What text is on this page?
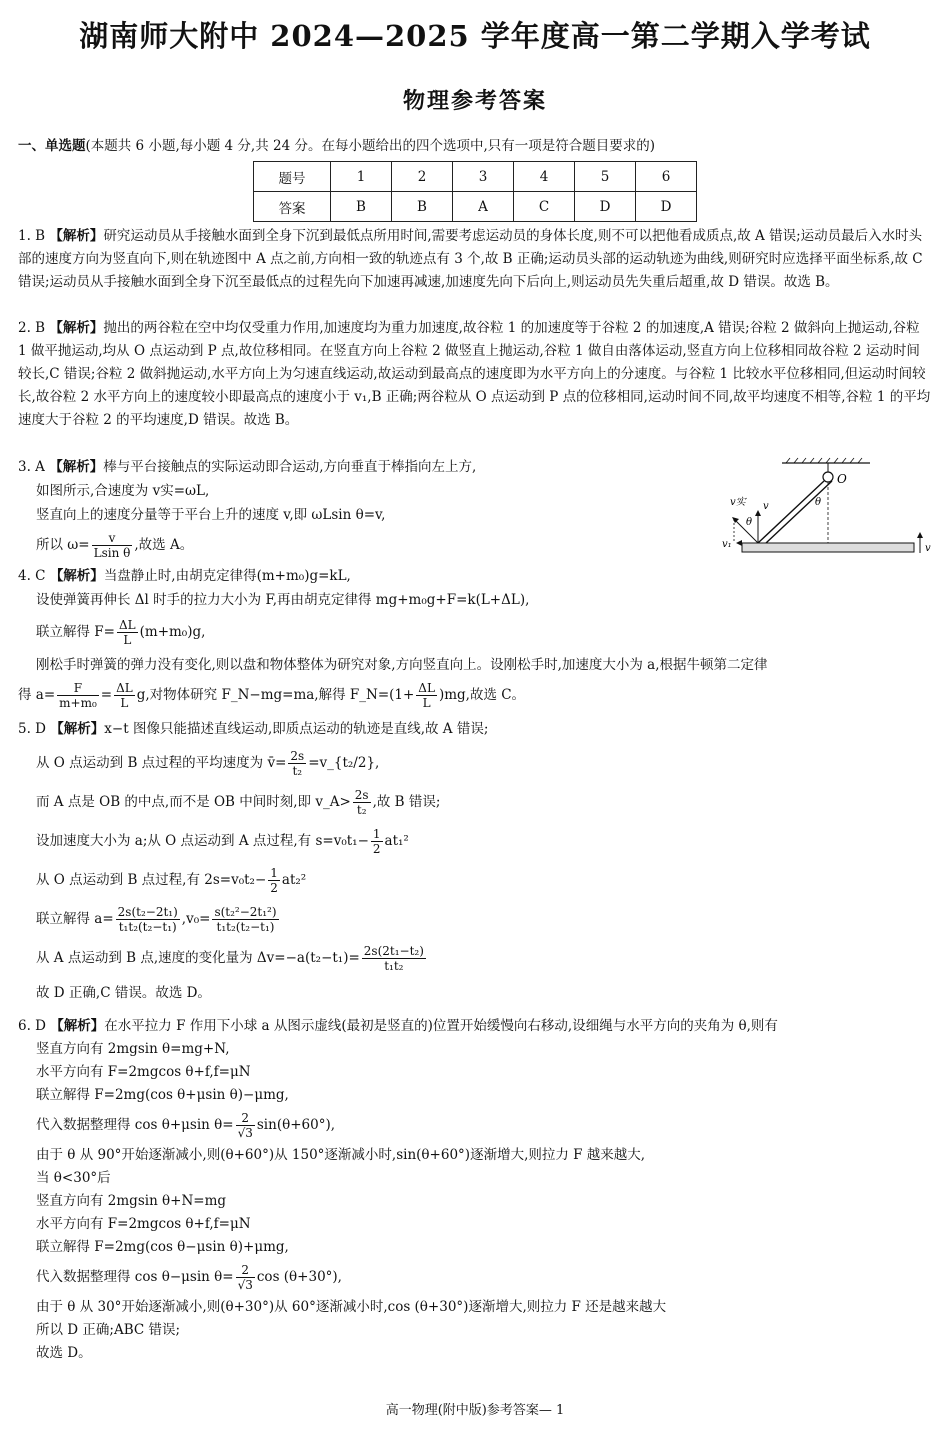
湖南师大附中 2024—2025 学年度高一第二学期入学考试
物理参考答案
一、单选题(本题共 6 小题,每小题 4 分,共 24 分。在每小题给出的四个选项中,只有一项是符合题目要求的)
题号	1	2	3	4	5	6
答案	B	B	A	C	D	D

1. B 【解析】研究运动员从手接触水面到全身下沉到最低点所用时间,需要考虑运动员的身体长度,则不可以把他看成质点,故 A 错误;运动员最后入水时头部的速度方向为竖直向下,则在轨迹图中 A 点之前,方向相一致的轨迹点有 3 个,故 B 正确;运动员头部的运动轨迹为曲线,则研究时应选择平面坐标系,故 C 错误;运动员从手接触水面到全身下沉至最低点的过程先向下加速再减速,加速度先向下后向上,则运动员先失重后超重,故 D 错误。故选 B。

2. B 【解析】抛出的两谷粒在空中均仅受重力作用,加速度均为重力加速度,故谷粒 1 的加速度等于谷粒 2 的加速度,A 错误;谷粒 2 做斜向上抛运动,谷粒 1 做平抛运动,均从 O 点运动到 P 点,故位移相同。在竖直方向上谷粒 2 做竖直上抛运动,谷粒 1 做自由落体运动,竖直方向上位移相同故谷粒 2 运动时间较长,C 错误;谷粒 2 做斜抛运动,水平方向上为匀速直线运动,故运动到最高点的速度即为水平方向上的分速度。与谷粒 1 比较水平位移相同,但运动时间较长,故谷粒 2 水平方向上的速度较小即最高点的速度小于 v₁,B 正确;两谷粒从 O 点运动到 P 点的位移相同,运动时间不同,故平均速度不相等,谷粒 1 的平均速度大于谷粒 2 的平均速度,D 错误。故选 B。

3. A 【解析】棒与平台接触点的实际运动即合运动,方向垂直于棒指向左上方,

如图所示,合速度为 v实=ωL,

竖直向上的速度分量等于平台上升的速度 v,即 ωLsin θ=v,

所以 $\omega= \frac{v}{\text{Lsin θ}}$ ,故选 A。

v实 v
θ
O
θ
v₁	v

4. C 【解析】当盘静止时,由胡克定律得(m+m₀)g=kL,

设使弹簧再伸长 Δl 时手的拉力大小为 F,再由胡克定律得 mg+m₀g+F=k(L+ΔL),

联立解得 $F= \frac{\Delta L}{L} (m+m_0)g$,

刚松手时弹簧的弹力没有变化,则以盘和物体整体为研究对象,方向竖直向上。设刚松手时,加速度大小为 a,根据牛顿第二定律

得 $a= \frac{F}{\text{m+m₀}} = \frac{\Delta L}{L} g$,对物体研究 F_N−mg=ma,解得 F_N=(1+ $\frac{\Delta L}{L} )mg$,故选 C。

5. D 【解析】x−t 图像只能描述直线运动,即质点运动的轨迹是直线,故 A 错误;

从 O 点运动到 B 点过程的平均速度为 v̄= $\frac{2s}{\text{t₂}}$ =v_{t₂/2},

而 A 点是 OB 的中点,而不是 OB 中间时刻,即 v_A> $\frac{2s}{\text{t₂}}$ ,故 B 错误;

设加速度大小为 a;从 O 点运动到 A 点过程,有 $s=v_0t_1- \frac{1}{2} at_1^2$

从 O 点运动到 B 点过程,有 $2s=v_0t_2- \frac{1}{2} at_2^2$

联立解得 $a= \frac{\text{2s(t₂−2t₁)}}{\text{t₁t₂(t₂−t₁)}} ,v_0= \frac{\text{s(t₂²−2t₁²)}}{\text{t₁t₂(t₂−t₁)}}$

从 A 点运动到 B 点,速度的变化量为 $\Delta v=-a(t_2-t_1)= \frac{\text{2s(2t₁−t₂)}}{\text{t₁t₂}}$

故 D 正确,C 错误。故选 D。

6. D 【解析】在水平拉力 F 作用下小球 a 从图示虚线(最初是竖直的)位置开始缓慢向右移动,设细绳与水平方向的夹角为 θ,则有

竖直方向有 2mgsin θ=mg+N,

水平方向有 F=2mgcos θ+f,f=μN

联立解得 F=2mg(cos θ+μsin θ)−μmg,

代入数据整理得 cos θ+μsin $\theta= \frac{2}{√3} \sin(\theta+60^\circ)$,

由于 θ 从 90°开始逐渐减小,则(θ+60°)从 150°逐渐减小时,sin(θ+60°)逐渐增大,则拉力 F 越来越大,

当 θ<30°后

竖直方向有 2mgsin θ+N=mg

水平方向有 F=2mgcos θ+f,f=μN

联立解得 F=2mg(cos θ−μsin θ)+μmg,

代入数据整理得 cos θ−μsin $\theta= \frac{2}{√3}$ cos (θ+30°),

由于 θ 从 30°开始逐渐减小,则(θ+30°)从 60°逐渐减小时,cos (θ+30°)逐渐增大,则拉力 F 还是越来越大

所以 D 正确;ABC 错误;

故选 D。

高一物理(附中版)参考答案— 1
